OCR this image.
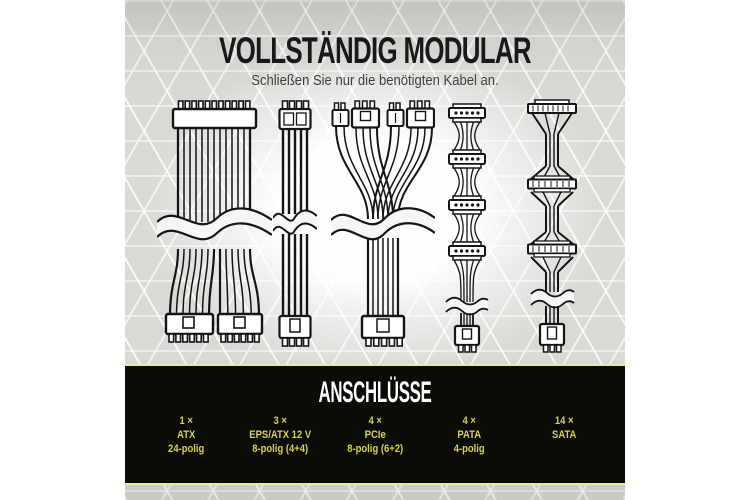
VOLLSTÄNDIG MODULAR
Schließen Sie nur die benötigten Kabel an.
ANSCHLÜSSE
1 ×
ATX
24-polig
3 ×
EPS/ATX 12 V
8-polig (4+4)
4 ×
PCIe
8-polig (6+2)
4 ×
PATA
4-polig
14 ×
SATA
